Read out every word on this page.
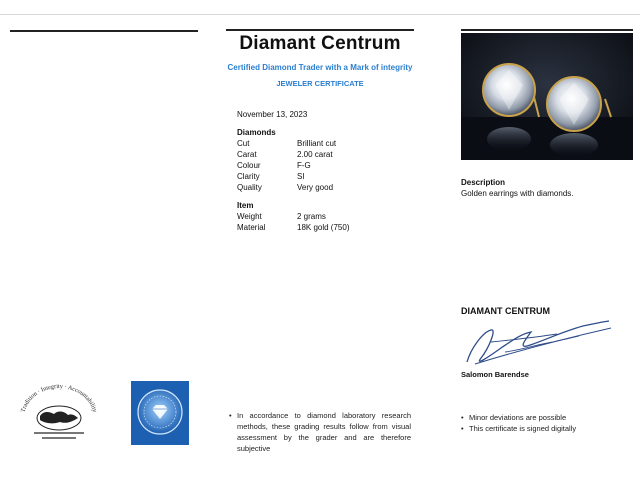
Diamant Centrum
Certified Diamond Trader with a Mark of integrity
JEWELER CERTIFICATE
November 13, 2023
Diamonds
Cut	Brilliant cut
Carat	2.00 carat
Colour	F-G
Clarity	SI
Quality	Very good
Item
Weight	2 grams
Material	18K gold (750)
Description
Golden earrings with diamonds.
DIAMANT CENTRUM
Salomon Barendse
Tradition · Integrity · Accountability
• In accordance to diamond laboratory research methods, these grading results follow from visual assessment by the grader and are therefore subjective
• Minor deviations are possible
• This certificate is signed digitally
